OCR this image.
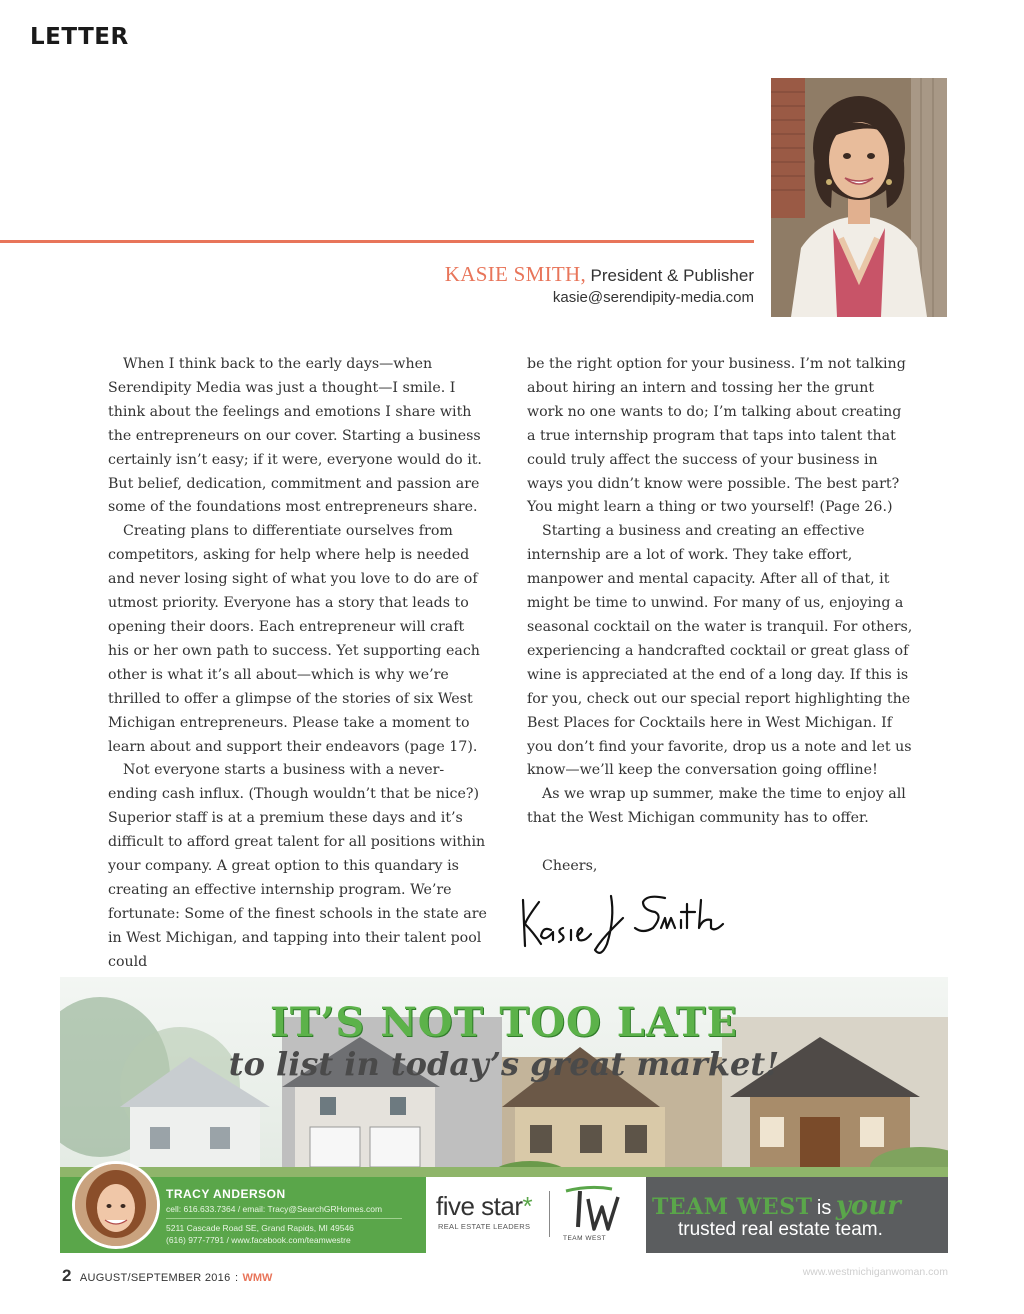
LETTER
KASIE SMITH, President & Publisher
kasie@serendipity-media.com

When I think back to the early days—when Serendipity Media was just a thought—I smile. I think about the feelings and emotions I share with the entrepreneurs on our cover. Starting a business certainly isn’t easy; if it were, everyone would do it. But belief, dedication, commitment and passion are some of the foundations most entrepreneurs share.

Creating plans to differentiate ourselves from competitors, asking for help where help is needed and never losing sight of what you love to do are of utmost priority. Everyone has a story that leads to opening their doors. Each entrepreneur will craft his or her own path to success. Yet supporting each other is what it’s all about—which is why we’re thrilled to offer a glimpse of the stories of six West Michigan entrepreneurs. Please take a moment to learn about and support their endeavors (page 17).

Not everyone starts a business with a never-ending cash influx. (Though wouldn’t that be nice?) Superior staff is at a premium these days and it’s difficult to afford great talent for all positions within your company. A great option to this quandary is creating an effective internship program. We’re fortunate: Some of the finest schools in the state are in West Michigan, and tapping into their talent pool could

be the right option for your business. I’m not talking about hiring an intern and tossing her the grunt work no one wants to do; I’m talking about creating a true internship program that taps into talent that could truly affect the success of your business in ways you didn’t know were possible. The best part? You might learn a thing or two yourself! (Page 26.)

Starting a business and creating an effective internship are a lot of work. They take effort, manpower and mental capacity. After all of that, it might be time to unwind. For many of us, enjoying a seasonal cocktail on the water is tranquil. For others, experiencing a handcrafted cocktail or great glass of wine is appreciated at the end of a long day. If this is for you, check out our special report highlighting the Best Places for Cocktails here in West Michigan. If you don’t find your favorite, drop us a note and let us know—we’ll keep the conversation going offline!

As we wrap up summer, make the time to enjoy all that the West Michigan community has to offer.

Cheers,

IT’S NOT TOO LATE
to list in today’s great market!
TRACY ANDERSON
cell: 616.633.7364 / email: Tracy@SearchGRHomes.com
5211 Cascade Road SE, Grand Rapids, MI 49546
(616) 977-7791 / www.facebook.com/teamwestre
five star*
REAL ESTATE LEADERS
TEAM WEST
TEAM WEST is your
trusted real estate team.
2 AUGUST/SEPTEMBER 2016 : WMW	www.westmichiganwoman.com
